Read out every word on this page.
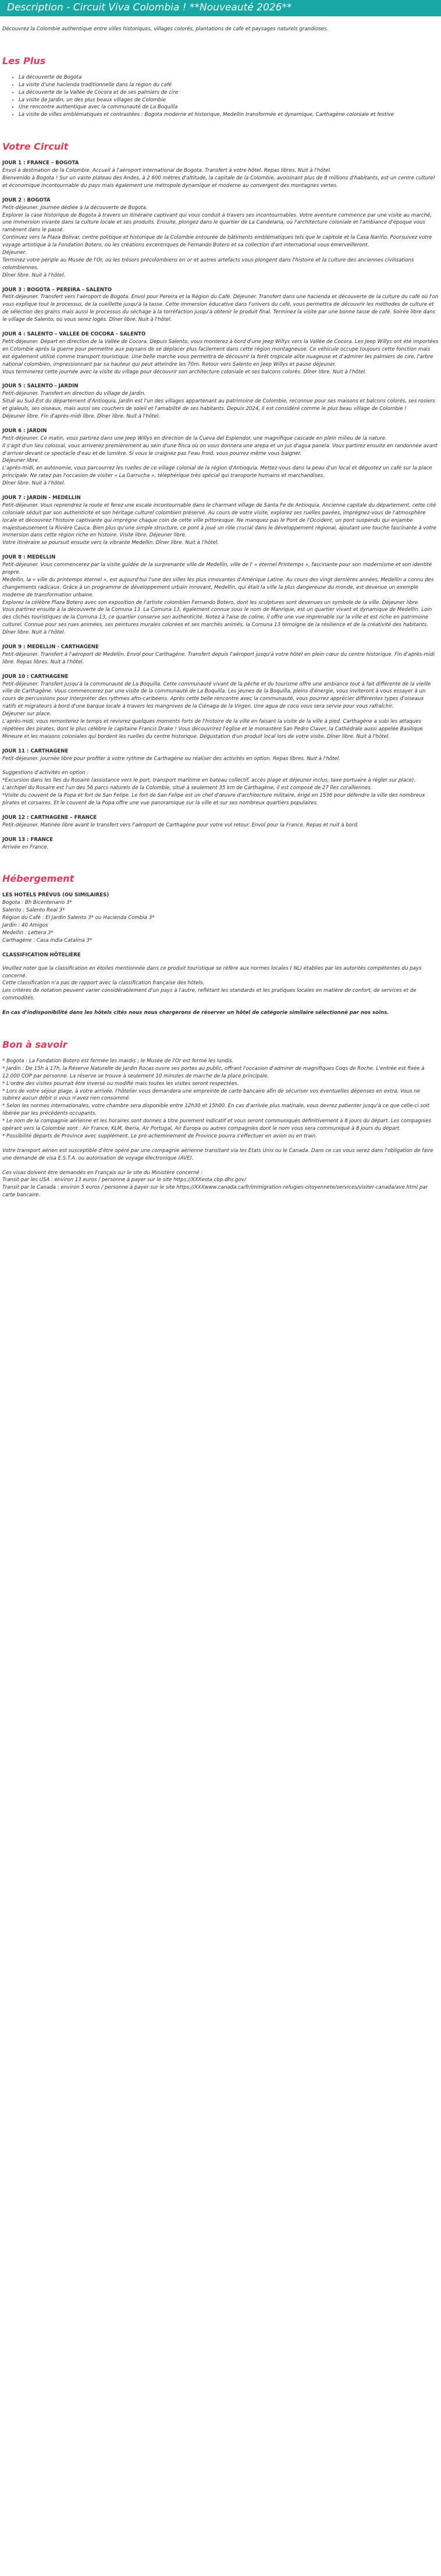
Description - Circuit Viva Colombia ! **Nouveauté 2026**

Découvrez la Colombie authentique entre villes historiques, villages colorés, plantations de café et paysages naturels grandioses.

Les Plus
• La découverte de Bogota
• La visite d'une hacienda traditionnelle dans la région du café
• La découverte de la Vallée de Cocora et de ses palmiers de cire
• La visite de Jardin, un des plus beaux villages de Colombie
• Une rencontre authentique avec la communauté de La Boquilla
• La visite de villes emblématiques et contrastées : Bogota moderne et historique, Medellin transformée et dynamique, Carthagène coloniale et festive
Votre Circuit

JOUR 1 : FRANCE – BOGOTA

Envol à destination de la Colombie. Accueil à l'aéroport international de Bogota. Transfert à votre hôtel. Repas libres. Nuit à l'hôtel.

Bienvenido à Bogota ! Sur un vaste plateau des Andes, à 2 600 mètres d'altitude, la capitale de la Colombie, avoisinant plus de 8 millions d'habitants, est un centre culturel et économique incontournable du pays mais également une métropole dynamique et moderne au convergent des montagnes vertes.

JOUR 2 : BOGOTA

Petit-déjeuner. Journée dédiée à la découverte de Bogota.

Explorer la case historique de Bogota à travers un itinéraire captivant qui vous conduit à travers ses incontournables. Votre aventure commence par une visite au marché, une immersion vivante dans la culture locale et ses produits. Ensuite, plongez dans le quartier de La Candelaria, où l'architecture coloniale et l'ambiance d'époque vous ramènent dans le passé.

Continuez vers la Plaza Bolivar, centre politique et historique de la Colombie entourée de bâtiments emblématiques tels que le capitole et la Casa Nariño. Poursuivez votre voyage artistique à la Fondation Botero, où les créations excentriques de Fernando Botero et sa collection d'art international vous émerveilleront.

Déjeuner.

Terminez votre périple au Musée de l'Or, où les trésors précolombiens en or et autres artefacts vous plongent dans l'histoire et la culture des anciennes civilisations colombiennes.

Dîner libre. Nuit à l'hôtel.

JOUR 3 : BOGOTA – PEREIRA - SALENTO

Petit-déjeuner. Transfert vers l'aéroport de Bogota. Envol pour Pereira et la Région du Café. Déjeuner. Transfert dans une hacienda et découverte de la culture du café où l'on vous explique tout le processus, de la cueillette jusqu'à la tasse. Cette immersion éducative dans l'univers du café, vous permettra de découvrir les méthodes de culture et de sélection des grains mais aussi le processus du séchage à la torréfaction jusqu'à obtenir le produit final. Terminez la visite par une bonne tasse de café. Soirée libre dans le village de Salento, où vous serez logés. Dîner libre. Nuit à l'hôtel.

JOUR 4 : SALENTO – VALLEE DE COCORA - SALENTO

Petit-déjeuner. Départ en direction de la Vallée de Cocora. Depuis Salento, vous monterez à bord d'une Jeep Willys vers la Vallée de Cocora. Les Jeep Willys ont été importées en Colombie après la guerre pour permettre aux paysans de se déplacer plus facilement dans cette région montagneuse. Ce véhicule occupe toujours cette fonction mais est également utilisé comme transport touristique. Une belle marche vous permettra de découvrir la forêt tropicale alite nuageuse et d'admirer les palmiers de cire, l'arbre national colombien, impressionnant par sa hauteur qui peut atteindre les 70m. Retour vers Salento en Jeep Willys et pause déjeuner.

Vous terminerez cette journée avec la visite du village pour découvrir son architecture coloniale et ses balcons colorés. Dîner libre. Nuit à l'hôtel.

JOUR 5 : SALENTO - JARDIN

Petit-déjeuner. Transfert en direction du village de Jardin.

Situé au Sud-Est du département d'Antioquia, Jardin est l'un des villages appartenant au patrimoine de Colombie, reconnue pour ses maisons et balcons colorés, ses rosiers et glaïeuls, ses oiseaux, mais aussi ses couchers de soleil et l'amabilité de ses habitants. Depuis 2024, il est considéré comme le plus beau village de Colombie !

Déjeuner libre. Fin d'après-midi libre. Dîner libre. Nuit à l'hôtel.

JOUR 6 : JARDIN

Petit-déjeuner. Ce matin, vous partirez dans une Jeep Willys en direction de la Cueva del Esplendor, une magnifique cascade en plein milieu de la nature.

Il s'agit d'un lieu colossal, vous arriverez premièrement au sein d'une finca où on vous donnera une arepa et un jus d'agua panela. Vous partirez ensuite en randonnée avant d'arriver devant ce spectacle d'eau et de lumière. Si vous le craignez pas l'eau froid, vous pourrez même vous baigner.

Déjeuner libre.

L'après-midi, en autonomie, vous parcourrez les ruelles de ce village colonial de la région d'Antioquia. Mettez-vous dans la peau d'un local et dégustez un café sur la place principale. Ne ratez pas l'occasion de visiter « La Garrucha », téléphérique très spécial qui transporte humains et marchandises.

Dîner libre. Nuit à l'hôtel.

JOUR 7 : JARDIN - MEDELLIN

Petit-déjeuner. Vous reprendrez la route et ferez une escale incontournable dans le charmant village de Santa Fe de Antioquia. Ancienne capitale du département, cette cité coloniale séduit par son authenticité et son héritage culturel colombien préservé. Au cours de votre visite, explorez ses ruelles pavées, imprégnez-vous de l'atmosphère locale et découvrez l'histoire captivante qui imprègne chaque coin de cette ville pittoresque. Ne manquez pas le Pont de l'Occident, un pont suspendu qui enjambe majestueusement la Rivière Cauca. Bien plus qu'une simple structure, ce pont à joué un rôle crucial dans le développement régional, ajoutant une touche fascinante à votre immersion dans cette région riche en histoire. Visite libre. Déjeuner libre.

Votre itinéraire se poursuit ensuite vers la vibrante Medellin. Dîner libre. Nuit à l'hôtel.

JOUR 8 : MEDELLIN

Petit-déjeuner. Vous commencerez par la visite guidée de la surprenante ville de Medellin, ville de l' « éternel Printemps », fascinante pour son modernisme et son identité propre.

Medellin, la « ville du printemps éternel », est aujourd'hui l'une des villes les plus innovantes d'Amérique Latine. Au cours des vingt dernières années, Medellin a connu des changements radicaux. Grâce à un programme de développement urbain innovant, Medellin, qui était la ville la plus dangereuse du monde, est devenue un exemple moderne de transformation urbaine.

Explorez la célèbre Plaza Botero avec son exposition de l'artiste colombien Fernando Botero, dont les sculptures sont devenues un symbole de la ville. Déjeuner libre.

Vous partirez ensuite à la découverte de la Comuna 13. La Comuna 13, également connue sous le nom de Manrique, est un quartier vivant et dynamique de Medellin. Loin des clichés touristiques de la Comuna 13, ce quartier conserve son authenticité. Notez à l'aise de coline, il offre une vue imprenable sur la ville et est riche en patrimoine culturel. Connue pour ses rues animées, ses peintures murales colorées et ses marchés animés, la Comuna 13 témoigne de la résilience et de la créativité des habitants.

Dîner libre. Nuit à l'hôtel.

JOUR 9 : MEDELLIN - CARTHAGENE

Petit-déjeuner. Transfert à l'aéroport de Medellin. Envol pour Carthagène. Transfert depuis l'aéroport jusqu'à votre hôtel en plein cœur du centre historique. Fin d'après-midi libre. Repas libres. Nuit à l'hôtel.

JOUR 10 : CARTHAGENE

Petit-déjeuner. Transfert jusqu'à la communauté de La Boquilla. Cette communauté vivant de la pêche et du tourisme offre une ambiance tout à fait différente de la vieille ville de Carthagène. Vous commencerez par une visite de la communauté de La Boquilla. Les jeunes de la Boquilla, pleins d'énergie, vous inviteront à vous essayer à un cours de percussions pour interpréter des rythmes afro-caribéens. Après cette belle rencontre avec la communauté, vous pourrez apprécier différentes types d'oiseaux natifs et migrateurs à bord d'une barque locale à travers les mangroves de la Ciénaga de la Virgen. Une agua de coco vous sera servie pour vous rafraîchir.

Déjeuner sur place.

L'après-midi, vous remonterez le temps et revivrez quelques moments forts de l'histoire de la ville en faisant la visite de la ville à pied. Carthagène a subi les attaques répétées des pirates, dont le plus célèbre le capitaine Francis Drake ! Vous découvrirez l'église et le monastère San Pedro Claver, la Cathédrale aussi appelée Basilique Mineure et les maisons coloniales qui bordent les ruelles du centre historique. Dégustation d'un produit local lors de votre visite. Dîner libre. Nuit à l'hôtel.

JOUR 11 : CARTHAGENE

Petit-déjeuner. Journée libre pour profiter à votre rythme de Carthagène ou réaliser des activités en option. Repas libres. Nuit à l'hôtel.

Suggestions d'activités en option :

*Excursion dans les îles du Rosaire (assistance vers le port, transport maritime en bateau collectif, accès plage et déjeuner inclus, taxe portuaire à régler sur place). L'archipel du Rosaire est l'un des 56 parcs naturels de la Colombie, situé à seulement 35 km de Carthagène, il est composé de 27 îles coralliennes.

*Visite du couvent de la Popa et fort de San Felipe. Le fort de San Felipe est un chef d'œuvre d'architecture militaire, érigé en 1536 pour défendre la ville des nombreux pirates et corsaires. Et le couvent de la Popa offre une vue panoramique sur la ville et sur ses nombreux quartiers populaires.

JOUR 12 : CARTHAGENE – FRANCE

Petit-déjeuner. Matinée libre avant le transfert vers l'aéroport de Carthagène pour votre vol retour. Envol pour la France. Repas et nuit à bord.

JOUR 13 : FRANCE

Arrivée en France.

Hébergement

LES HOTELS PRÉVUS (OU SIMILAIRES)

Bogota : Bh Bicentenario 3*

Salento : Salento Real 3*

Région du Café : El Jardin Salento 3* ou Hacienda Combia 3*

Jardin : 40 Amigos

Medellin : Lettera 3*

Carthagène : Casa India Catalina 3*

CLASSIFICATION HÔTELIÈRE

Veuillez noter que la classification en étoiles mentionnée dans ce produit touristique se réfère aux normes locales ( NL) établies par les autorités compétentes du pays concerné.

Cette classification n'a pas de rapport avec la classification française des hôtels.

Les critères de notation peuvent varier considérablement d'un pays à l'autre, reflétant les standards et les pratiques locales en matière de confort, de services et de commodités.

En cas d'indisponibilité dans les hôtels cités nous nous chargerons de réserver un hôtel de catégorie similaire sélectionné par nos soins.

Bon à savoir

* Bogota : La Fondation Botero est fermée les mardis ; le Musée de l'Or est fermé les lundis.

* Jardin : De 15h à 17h, la Réserve Naturelle de Jardin Rocas ouvre ses portes au public, offrant l'occasion d'admirer de magnifiques Coqs de Roche. L'entrée est fixée à 12.000 COP par personne. La réserve se trouve à seulement 10 minutes de marche de la place principale.

* L'ordre des visites pourrait être inversé ou modifié mais toutes les visites seront respectées.

* Lors de votre séjour plage, à votre arrivée, l'hôtelier vous demandera une empreinte de carte bancaire afin de sécuriser vos éventuelles dépenses en extra. Vous ne subirez aucun débit si vous n'avez rien consommé.

* Selon les normes internationales, votre chambre sera disponible entre 12h30 et 15h00. En cas d'arrivée plus matinale, vous devrez patienter jusqu'à ce que celle-ci soit libérée par les précédents occupants.

* Le nom de la compagnie aérienne et les horaires sont donnés à titre purement indicatif et vous seront communiqués définitivement à 8 jours du départ. Les compagnies opérant vers la Colombie sont : Air France, KLM, Iberia, Air Portugal, Air Europa ou autres compagnies dont le nom vous sera communiqué à 8 jours du départ.

* Possibilité départs de Province avec supplément. Le pré-acheminement de Province pourra s'effectuer en avion ou en train.

Votre transport aérien est susceptible d'être opéré par une compagnie aérienne transitant via les Etats Unis ou le Canada. Dans ce cas vous serez dans l'obligation de faire une demande de visa E.S.T.A. ou autorisation de voyage électronique (AVE).

Ces visas doivent être demandés en Français sur le site du Ministère concerné :

Transit par les USA : environ 13 euros / personne à payer sur le site https://XXXesta.cbp.dhs.gov/

Transit par le Canada : environ 5 euros / personne à payer sur le site https://XXXwww.canada.ca/fr/immigration-refugies-citoyennete/services/visiter-canada/ave.html par carte bancaire.
